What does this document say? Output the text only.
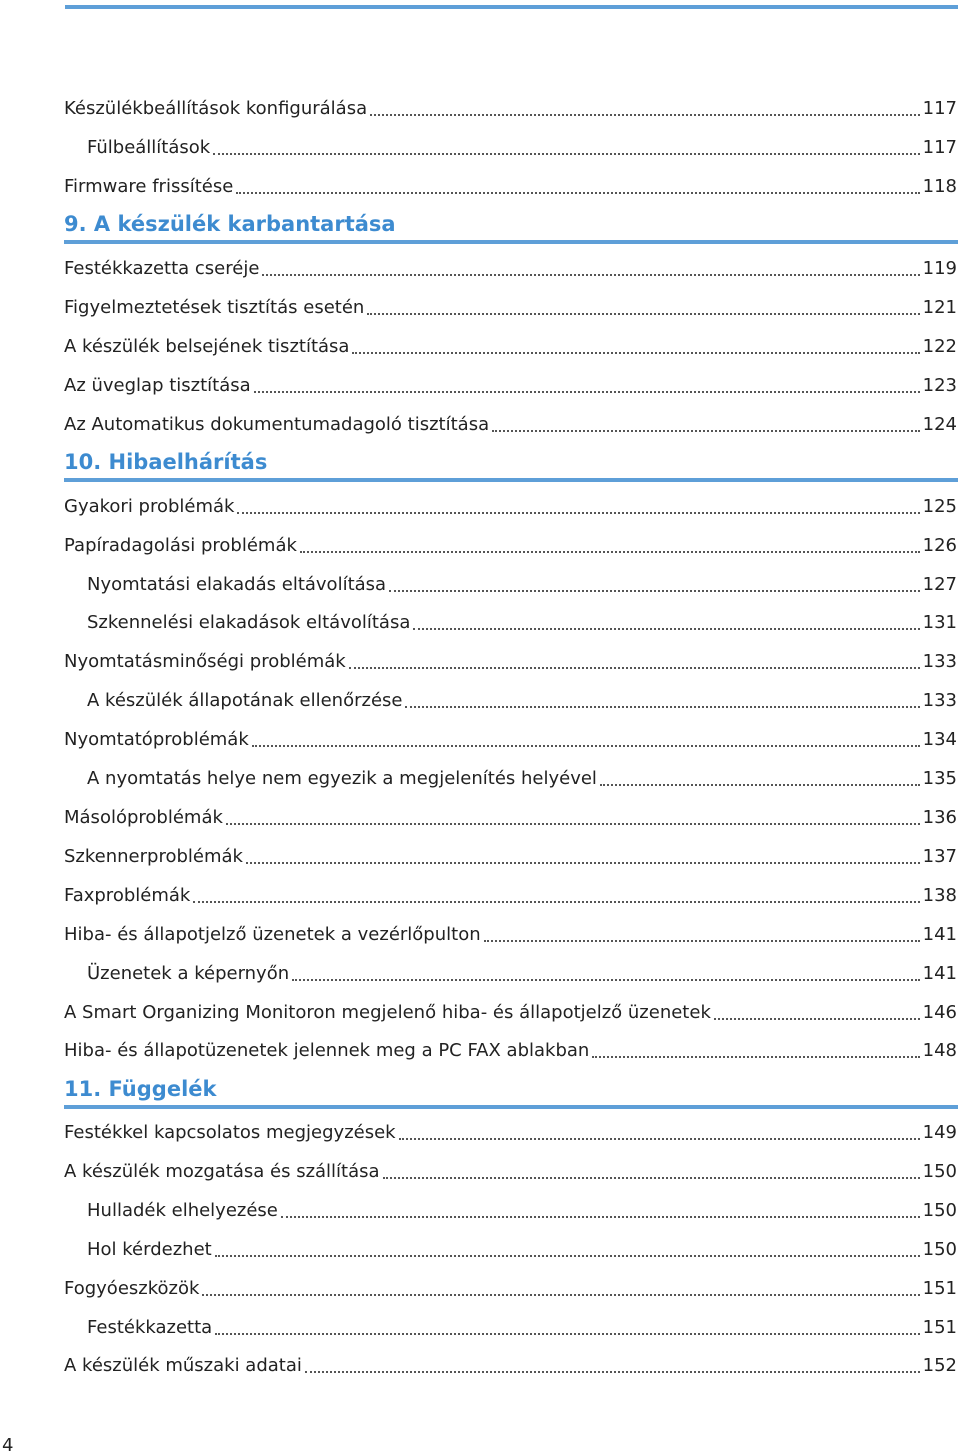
Készülékbeállítások konfigurálása	117
Fülbeállítások	117
Firmware frissítése	118
9. A készülék karbantartása
Festékkazetta cseréje	119
Figyelmeztetések tisztítás esetén	121
A készülék belsejének tisztítása	122
Az üveglap tisztítása	123
Az Automatikus dokumentumadagoló tisztítása	124
10. Hibaelhárítás
Gyakori problémák	125
Papíradagolási problémák	126
Nyomtatási elakadás eltávolítása	127
Szkennelési elakadások eltávolítása	131
Nyomtatásminőségi problémák	133
A készülék állapotának ellenőrzése	133
Nyomtatóproblémák	134
A nyomtatás helye nem egyezik a megjelenítés helyével	135
Másolóproblémák	136
Szkennerproblémák	137
Faxproblémák	138
Hiba- és állapotjelző üzenetek a vezérlőpulton	141
Üzenetek a képernyőn	141
A Smart Organizing Monitoron megjelenő hiba- és állapotjelző üzenetek	146
Hiba- és állapotüzenetek jelennek meg a PC FAX ablakban	148
11. Függelék
Festékkel kapcsolatos megjegyzések	149
A készülék mozgatása és szállítása	150
Hulladék elhelyezése	150
Hol kérdezhet	150
Fogyóeszközök	151
Festékkazetta	151
A készülék műszaki adatai	152
4
